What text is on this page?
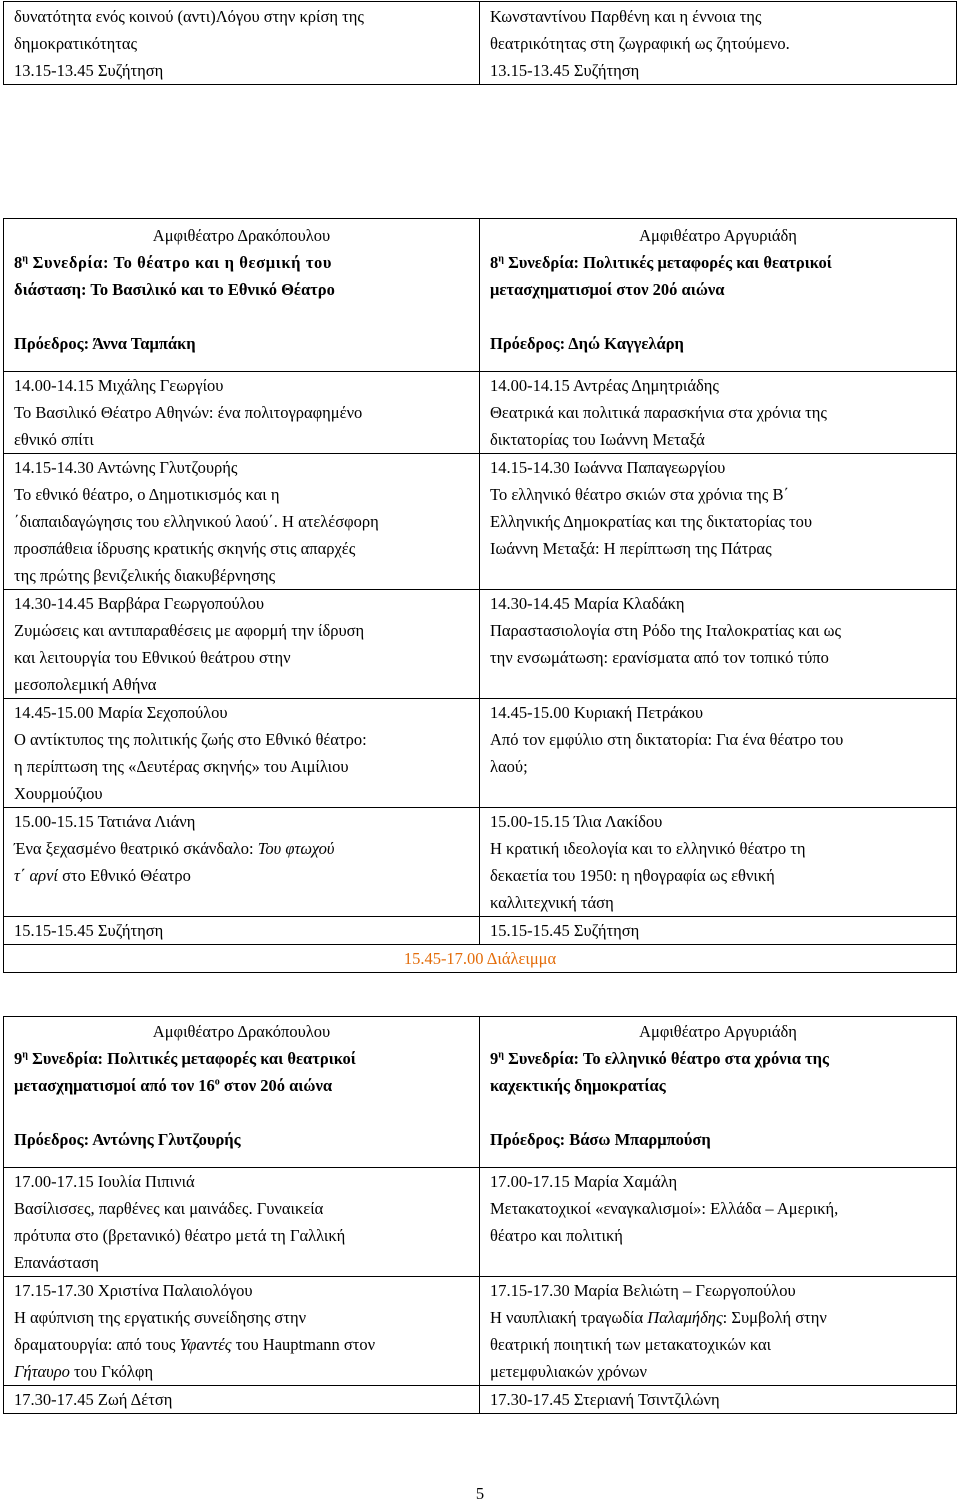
δυνατότητα ενός κοινού (αντι)Λόγου στην κρίση της
δημοκρατικότητας
13.15-13.45 Συζήτηση
Κωνσταντίνου Παρθένη και η έννοια της
θεατρικότητας στη ζωγραφική ως ζητούμενο.
13.15-13.45 Συζήτηση
Αμφιθέατρο Δρακόπουλου
$8^\eta$ Συνεδρία: Το θέατρο και η θεσμική του
διάσταση: Το Βασιλικό και το Εθνικό Θέατρο
Πρόεδρος: Άννα Ταμπάκη
Αμφιθέατρο Αργυριάδη
$8^\eta$ Συνεδρία: Πολιτικές μεταφορές και θεατρικοί
μετασχηματισμοί στον 20ό αιώνα
Πρόεδρος: Δηώ Καγγελάρη
14.00-14.15 Μιχάλης Γεωργίου
Το Βασιλικό Θέατρο Αθηνών: ένα πολιτογραφημένο
εθνικό σπίτι
14.00-14.15 Αντρέας Δημητριάδης
Θεατρικά και πολιτικά παρασκήνια στα χρόνια της
δικτατορίας του Ιωάννη Μεταξά
14.15-14.30 Αντώνης Γλυτζουρής
Το εθνικό θέατρο, ο Δημοτικισμός και η
΄διαπαιδαγώγησις του ελληνικού λαού΄. Η ατελέσφορη
προσπάθεια ίδρυσης κρατικής σκηνής στις απαρχές
της πρώτης βενιζελικής διακυβέρνησης
14.15-14.30 Ιωάννα Παπαγεωργίου
Το ελληνικό θέατρο σκιών στα χρόνια της Β΄
Ελληνικής Δημοκρατίας και της δικτατορίας του
Ιωάννη Μεταξά: Η περίπτωση της Πάτρας
14.30-14.45 Βαρβάρα Γεωργοπούλου
Ζυμώσεις και αντιπαραθέσεις με αφορμή την ίδρυση
και λειτουργία του Εθνικού θεάτρου στην
μεσοπολεμική Αθήνα
14.30-14.45 Μαρία Κλαδάκη
Παραστασιολογία στη Ρόδο της Ιταλοκρατίας και ως
την ενσωμάτωση: ερανίσματα από τον τοπικό τύπο
14.45-15.00 Μαρία Σεχοπούλου
Ο αντίκτυπος της πολιτικής ζωής στο Εθνικό θέατρο:
η περίπτωση της «Δευτέρας σκηνής» του Αιμίλιου
Χουρμούζιου
14.45-15.00 Κυριακή Πετράκου
Από τον εμφύλιο στη δικτατορία: Για ένα θέατρο του
λαού;
15.00-15.15 Τατιάνα Λιάνη
Ένα ξεχασμένο θεατρικό σκάνδαλο: Του φτωχού
τ΄ αρνί στο Εθνικό Θέατρο
15.00-15.15 Ίλια Λακίδου
Η κρατική ιδεολογία και το ελληνικό θέατρο τη
δεκαετία του 1950: η ηθογραφία ως εθνική
καλλιτεχνική τάση
15.15-15.45 Συζήτηση	15.15-15.45 Συζήτηση
15.45-17.00 Διάλειμμα
Αμφιθέατρο Δρακόπουλου
$9^\eta$ Συνεδρία: Πολιτικές μεταφορές και θεατρικοί
μετασχηματισμοί από τον $16^o$ στον 20ό αιώνα
Πρόεδρος: Αντώνης Γλυτζουρής
Αμφιθέατρο Αργυριάδη
$9^\eta$ Συνεδρία: Το ελληνικό θέατρο στα χρόνια της
καχεκτικής δημοκρατίας
Πρόεδρος: Βάσω Μπαρμπούση
17.00-17.15 Ιουλία Πιπινιά
Βασίλισσες, παρθένες και μαινάδες. Γυναικεία
πρότυπα στο (βρετανικό) θέατρο μετά τη Γαλλική
Επανάσταση
17.00-17.15 Μαρία Χαμάλη
Μετακατοχικοί «εναγκαλισμοί»: Ελλάδα – Αμερική,
θέατρο και πολιτική
17.15-17.30 Χριστίνα Παλαιολόγου
Η αφύπνιση της εργατικής συνείδησης στην
δραματουργία: από τους Υφαντές του Hauptmann στον
Γήταυρο του Γκόλφη
17.15-17.30 Μαρία Βελιώτη – Γεωργοπούλου
Η ναυπλιακή τραγωδία Παλαμήδης: Συμβολή στην
θεατρική ποιητική των μετακατοχικών και
μετεμφυλιακών χρόνων
17.30-17.45 Ζωή Δέτση	17.30-17.45 Στεριανή Τσιντζιλώνη
5
